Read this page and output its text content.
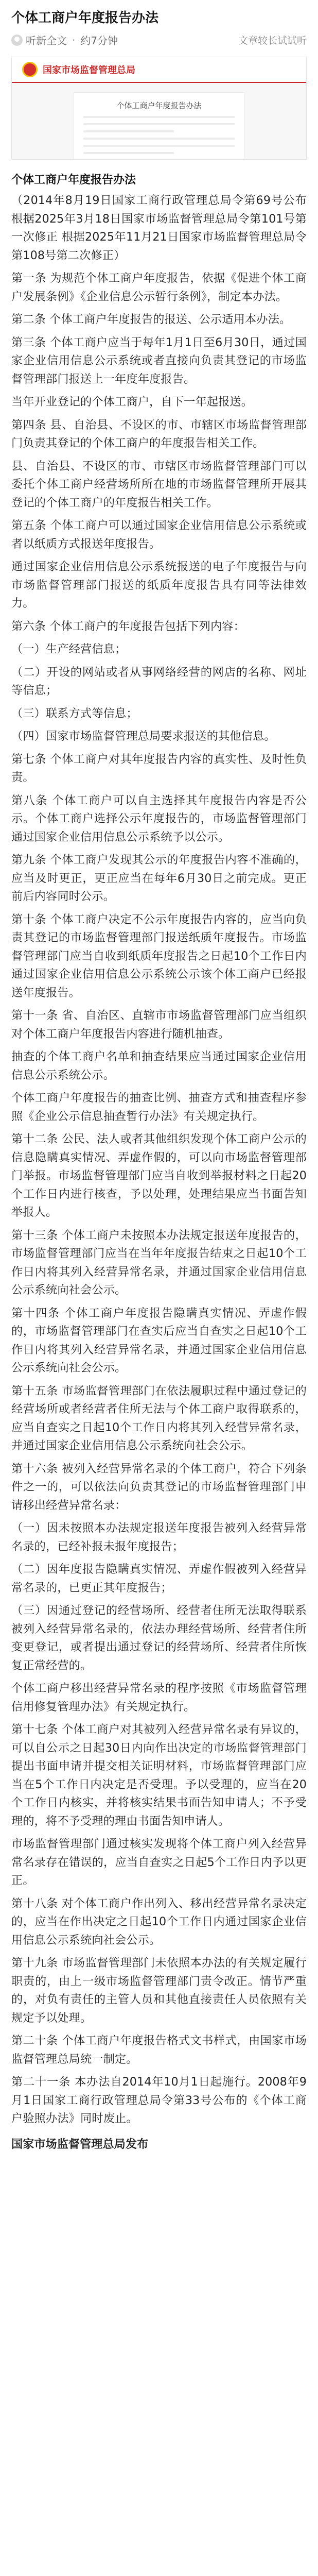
个体工商户年度报告办法
听新全文 · 约7分钟	文章较长试试听
国家市场监督管理总局
个体工商户年度报告办法
个体工商户年度报告办法

（2014年8月19日国家工商行政管理总局令第69号公布 根据2025年3月18日国家市场监督管理总局令第101号第一次修正 根据2025年11月21日国家市场监督管理总局令第108号第二次修正）

第一条 为规范个体工商户年度报告，依据《促进个体工商户发展条例》《企业信息公示暂行条例》，制定本办法。

第二条 个体工商户年度报告的报送、公示适用本办法。

第三条 个体工商户应当于每年1月1日至6月30日，通过国家企业信用信息公示系统或者直接向负责其登记的市场监督管理部门报送上一年度年度报告。

当年开业登记的个体工商户，自下一年起报送。

第四条 县、自治县、不设区的市、市辖区市场监督管理部门负责其登记的个体工商户的年度报告相关工作。

县、自治县、不设区的市、市辖区市场监督管理部门可以委托个体工商户经营场所所在地的市场监督管理所开展其登记的个体工商户的年度报告相关工作。

第五条 个体工商户可以通过国家企业信用信息公示系统或者以纸质方式报送年度报告。

通过国家企业信用信息公示系统报送的电子年度报告与向市场监督管理部门报送的纸质年度报告具有同等法律效力。

第六条 个体工商户的年度报告包括下列内容：

（一）生产经营信息；

（二）开设的网站或者从事网络经营的网店的名称、网址等信息；

（三）联系方式等信息；

（四）国家市场监督管理总局要求报送的其他信息。

第七条 个体工商户对其年度报告内容的真实性、及时性负责。

第八条 个体工商户可以自主选择其年度报告内容是否公示。个体工商户选择公示年度报告的，市场监督管理部门通过国家企业信用信息公示系统予以公示。

第九条 个体工商户发现其公示的年度报告内容不准确的，应当及时更正，更正应当在每年6月30日之前完成。更正前后内容同时公示。

第十条 个体工商户决定不公示年度报告内容的，应当向负责其登记的市场监督管理部门报送纸质年度报告。市场监督管理部门应当自收到纸质年度报告之日起10个工作日内通过国家企业信用信息公示系统公示该个体工商户已经报送年度报告。

第十一条 省、自治区、直辖市市场监督管理部门应当组织对个体工商户年度报告内容进行随机抽查。

抽查的个体工商户名单和抽查结果应当通过国家企业信用信息公示系统公示。

个体工商户年度报告的抽查比例、抽查方式和抽查程序参照《企业公示信息抽查暂行办法》有关规定执行。

第十二条 公民、法人或者其他组织发现个体工商户公示的信息隐瞒真实情况、弄虚作假的，可以向市场监督管理部门举报。市场监督管理部门应当自收到举报材料之日起20个工作日内进行核查，予以处理，处理结果应当书面告知举报人。

第十三条 个体工商户未按照本办法规定报送年度报告的，市场监督管理部门应当在当年年度报告结束之日起10个工作日内将其列入经营异常名录，并通过国家企业信用信息公示系统向社会公示。

第十四条 个体工商户年度报告隐瞒真实情况、弄虚作假的，市场监督管理部门在查实后应当自查实之日起10个工作日内将其列入经营异常名录，并通过国家企业信用信息公示系统向社会公示。

第十五条 市场监督管理部门在依法履职过程中通过登记的经营场所或者经营者住所无法与个体工商户取得联系的，应当自查实之日起10个工作日内将其列入经营异常名录，并通过国家企业信用信息公示系统向社会公示。

第十六条 被列入经营异常名录的个体工商户，符合下列条件之一的，可以依法向负责其登记的市场监督管理部门申请移出经营异常名录：

（一）因未按照本办法规定报送年度报告被列入经营异常名录的，已经补报未报年度报告；

（二）因年度报告隐瞒真实情况、弄虚作假被列入经营异常名录的，已更正其年度报告；

（三）因通过登记的经营场所、经营者住所无法取得联系被列入经营异常名录的，依法办理经营场所、经营者住所变更登记，或者提出通过登记的经营场所、经营者住所恢复正常经营的。

个体工商户移出经营异常名录的程序按照《市场监督管理信用修复管理办法》有关规定执行。

第十七条 个体工商户对其被列入经营异常名录有异议的，可以自公示之日起30日内向作出决定的市场监督管理部门提出书面申请并提交相关证明材料，市场监督管理部门应当在5个工作日内决定是否受理。予以受理的，应当在20个工作日内核实，并将核实结果书面告知申请人；不予受理的，将不予受理的理由书面告知申请人。

市场监督管理部门通过核实发现将个体工商户列入经营异常名录存在错误的，应当自查实之日起5个工作日内予以更正。

第十八条 对个体工商户作出列入、移出经营异常名录决定的，应当在作出决定之日起10个工作日内通过国家企业信用信息公示系统向社会公示。

第十九条 市场监督管理部门未依照本办法的有关规定履行职责的，由上一级市场监督管理部门责令改正。情节严重的，对负有责任的主管人员和其他直接责任人员依照有关规定予以处理。

第二十条 个体工商户年度报告格式文书样式，由国家市场监督管理总局统一制定。

第二十一条 本办法自2014年10月1日起施行。2008年9月1日国家工商行政管理总局令第33号公布的《个体工商户验照办法》同时废止。

国家市场监督管理总局发布
